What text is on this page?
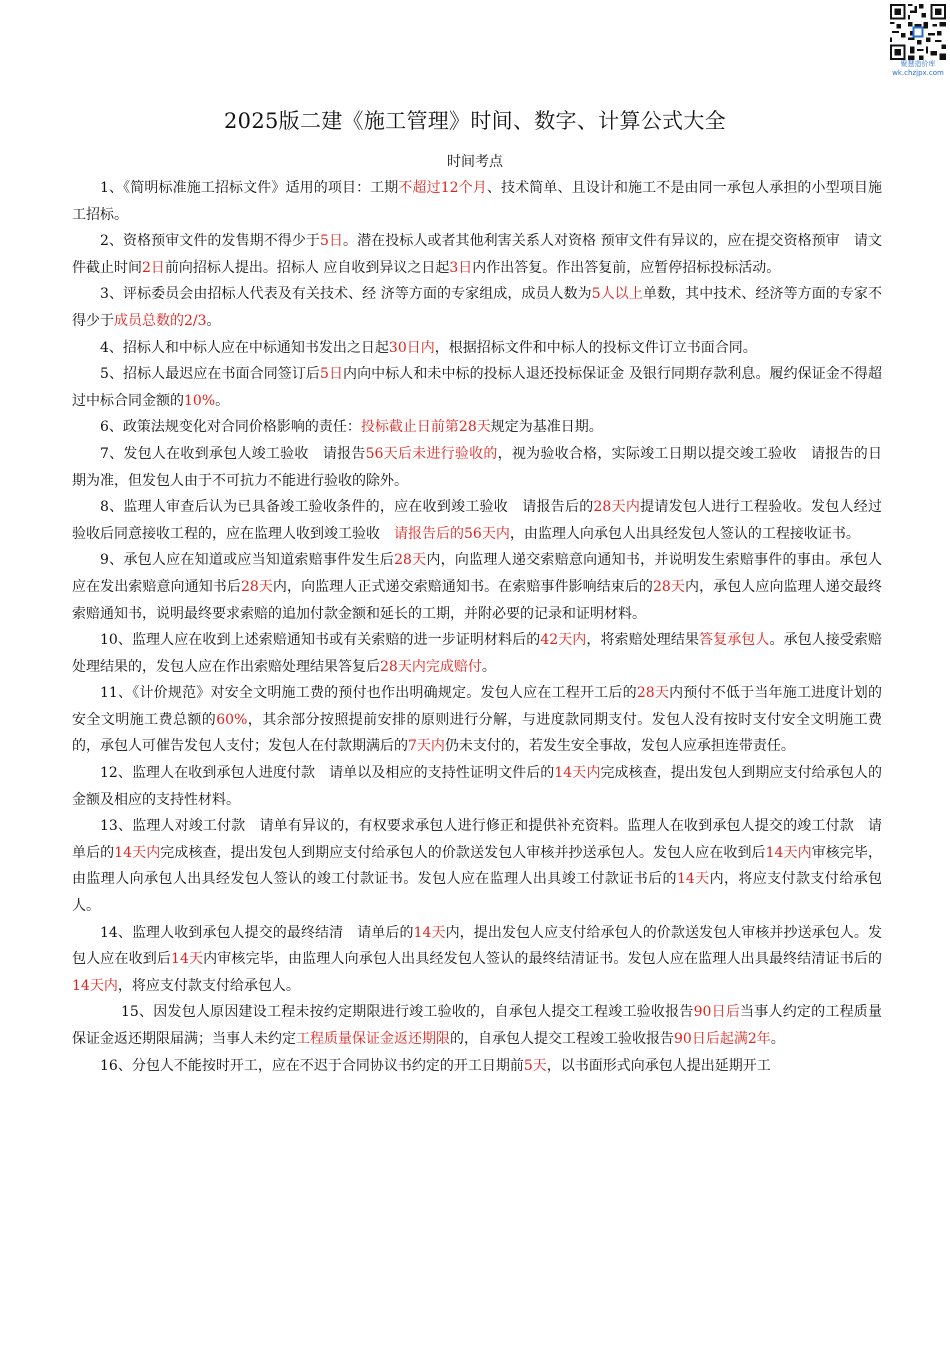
聚慧造价库
wk.chzjpx.com
2025版二建《施工管理》时间、数字、计算公式大全
时间考点

1、《简明标准施工招标文件》适用的项目：工期不超过12个月、技术简单、且设计和施工不是由同一承包人承担的小型项目施工招标。

2、资格预审文件的发售期不得少于5日。潜在投标人或者其他利害关系人对资格 预审文件有异议的，应在提交资格预审　请文件截止时间2日前向招标人提出。招标人 应自收到异议之日起3日内作出答复。作出答复前，应暂停招标投标活动。

3、评标委员会由招标人代表及有关技术、经 济等方面的专家组成，成员人数为5人以上单数，其中技术、经济等方面的专家不得少于成员总数的2/3。

4、招标人和中标人应在中标通知书发出之日起30日内，根据招标文件和中标人的投标文件订立书面合同。

5、招标人最迟应在书面合同签订后5日内向中标人和未中标的投标人退还投标保证金 及银行同期存款利息。履约保证金不得超过中标合同金额的10%。

6、政策法规变化对合同价格影响的责任：投标截止日前第28天规定为基准日期。

7、发包人在收到承包人竣工验收　请报告56天后未进行验收的，视为验收合格，实际竣工日期以提交竣工验收　请报告的日期为准，但发包人由于不可抗力不能进行验收的除外。

8、监理人审查后认为已具备竣工验收条件的，应在收到竣工验收　请报告后的28天内提请发包人进行工程验收。发包人经过验收后同意接收工程的，应在监理人收到竣工验收　请报告后的56天内，由监理人向承包人出具经发包人签认的工程接收证书。

9、承包人应在知道或应当知道索赔事件发生后28天内，向监理人递交索赔意向通知书，并说明发生索赔事件的事由。承包人应在发出索赔意向通知书后28天内，向监理人正式递交索赔通知书。在索赔事件影响结束后的28天内，承包人应向监理人递交最终索赔通知书，说明最终要求索赔的追加付款金额和延长的工期，并附必要的记录和证明材料。

10、监理人应在收到上述索赔通知书或有关索赔的进一步证明材料后的42天内，将索赔处理结果答复承包人。承包人接受索赔处理结果的，发包人应在作出索赔处理结果答复后28天内完成赔付。

11、《计价规范》对安全文明施工费的预付也作出明确规定。发包人应在工程开工后的28天内预付不低于当年施工进度计划的安全文明施工费总额的60%，其余部分按照提前安排的原则进行分解，与进度款同期支付。发包人没有按时支付安全文明施工费的，承包人可催告发包人支付；发包人在付款期满后的7天内仍未支付的，若发生安全事故，发包人应承担连带责任。

12、监理人在收到承包人进度付款　请单以及相应的支持性证明文件后的14天内完成核查，提出发包人到期应支付给承包人的金额及相应的支持性材料。

13、监理人对竣工付款　请单有异议的，有权要求承包人进行修正和提供补充资料。监理人在收到承包人提交的竣工付款　请单后的14天内完成核查，提出发包人到期应支付给承包人的价款送发包人审核并抄送承包人。发包人应在收到后14天内审核完毕，由监理人向承包人出具经发包人签认的竣工付款证书。发包人应在监理人出具竣工付款证书后的14天内，将应支付款支付给承包人。

14、监理人收到承包人提交的最终结清　请单后的14天内，提出发包人应支付给承包人的价款送发包人审核并抄送承包人。发包人应在收到后14天内审核完毕，由监理人向承包人出具经发包人签认的最终结清证书。发包人应在监理人出具最终结清证书后的14天内，将应支付款支付给承包人。

15、因发包人原因建设工程未按约定期限进行竣工验收的，自承包人提交工程竣工验收报告90日后当事人约定的工程质量保证金返还期限届满；当事人未约定工程质量保证金返还期限的，自承包人提交工程竣工验收报告90日后起满2年。

16、分包人不能按时开工，应在不迟于合同协议书约定的开工日期前5天，以书面形式向承包人提出延期开工
